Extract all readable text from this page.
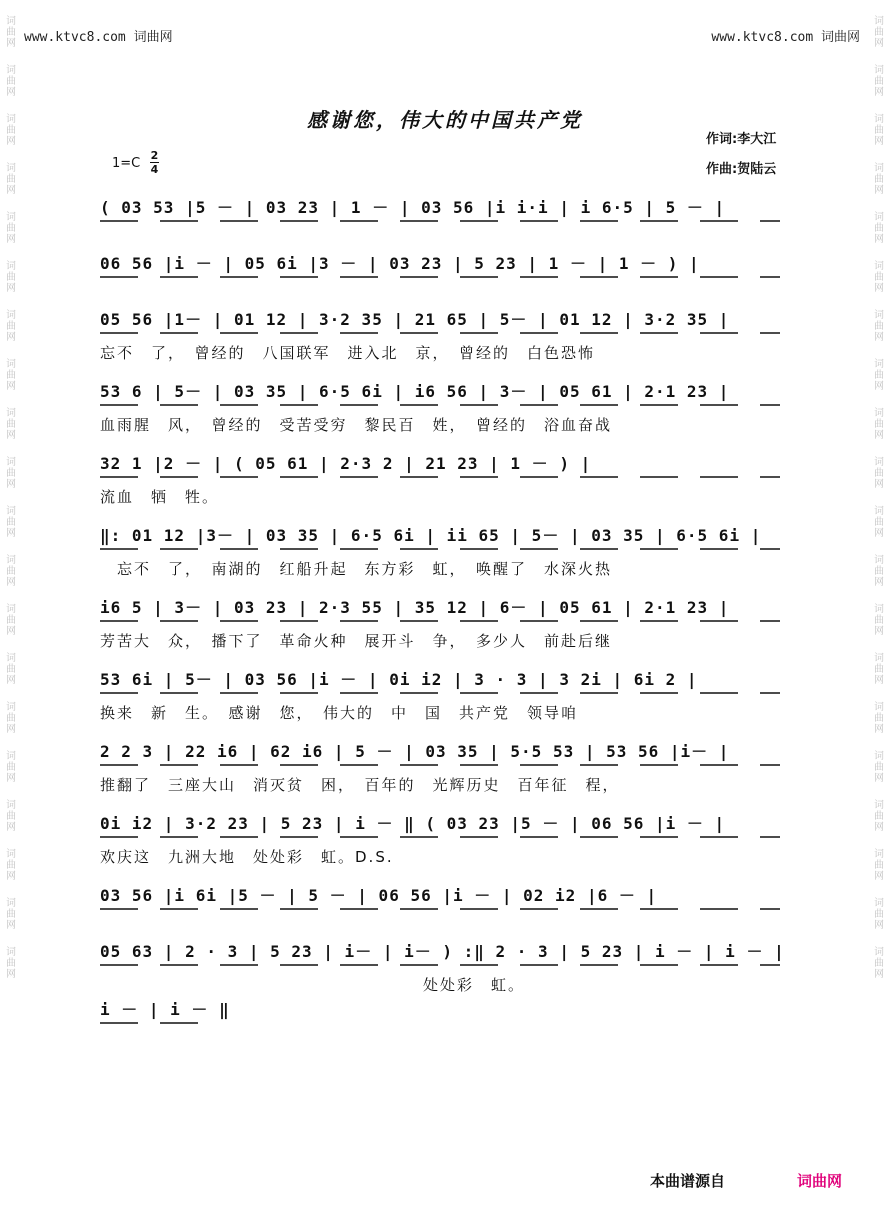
词
曲
网
词
曲
网
词
曲
网
词
曲
网
词
曲
网
词
曲
网
词
曲
网
词
曲
网
词
曲
网
词
曲
网
词
曲
网
词
曲
网
词
曲
网
词
曲
网
词
曲
网
词
曲
网
词
曲
网
词
曲
网
词
曲
网
词
曲
网
词
曲
网
词
曲
网
词
曲
网
词
曲
网
词
曲
网
词
曲
网
词
曲
网
词
曲
网
词
曲
网
词
曲
网
词
曲
网
词
曲
网
词
曲
网
词
曲
网
词
曲
网
词
曲
网
词
曲
网
词
曲
网
词
曲
网
词
曲
网
www.ktvc8.com 词曲网	www.ktvc8.com 词曲网
感谢您，伟大的中国共产党
作词:李大江
作曲:贺陆云
1=C
2
4
( 03 53 |5 － | 03 23 | 1 － | 03 56 |i i·i | i 6·5 | 5 － |
06 56 |i － | 05 6i |3 － | 03 23 | 5 23 | 1 － | 1 － ) |
05 56 |1－ | 01 12 | 3·2 35 | 21 65 | 5－ | 01 12 | 3·2 35 |
忘不　了，　曾经的　八国联军　进入北　京，　曾经的　白色恐怖
53 6 | 5－ | 03 35 | 6·5 6i | i6 56 | 3－ | 05 61 | 2·1 23 |
血雨腥　风，　曾经的　受苦受穷　黎民百　姓，　曾经的　浴血奋战
32 1 |2 － | ( 05 61 | 2·3 2 | 21 23 | 1 － ) |
流血　牺　牲。
‖: 01 12 |3－ | 03 35 | 6·5 6i | ii 65 | 5－ | 03 35 | 6·5 6i |
　忘不　了，　南湖的　红船升起　东方彩　虹，　唤醒了　水深火热
i6 5 | 3－ | 03 23 | 2·3 55 | 35 12 | 6－ | 05 61 | 2·1 23 |
芳苦大　众，　播下了　革命火种　展开斗　争，　多少人　前赴后继
53 6i | 5－ | 03 56 |i － | 0i i2 | 3 · 3 | 3 2i | 6i 2 |
换来　新　生。　感谢　您，　伟大的　中　国　共产党　领导咱
2 2 3 | 22 i6 | 62 i6 | 5 － | 03 35 | 5·5 53 | 53 56 |i－ |
推翻了　三座大山　消灭贫　困，　百年的　光辉历史　百年征　程，
0i i2 | 3·2 23 | 5 23 | i － ‖ ( 03 23 |5 － | 06 56 |i － |
欢庆这　九洲大地　处处彩　虹。D.S.
03 56 |i 6i |5 － | 5 － | 06 56 |i － | 02 i2 |6 － |
05 63 | 2 · 3 | 5 23 | i－ | i－ ) :‖ 2 · 3 | 5 23 | i － | i － |
　　　　　　　　　　　　　　　　　　　处处彩　虹。
i － | i － ‖
本曲谱源自	词曲网
